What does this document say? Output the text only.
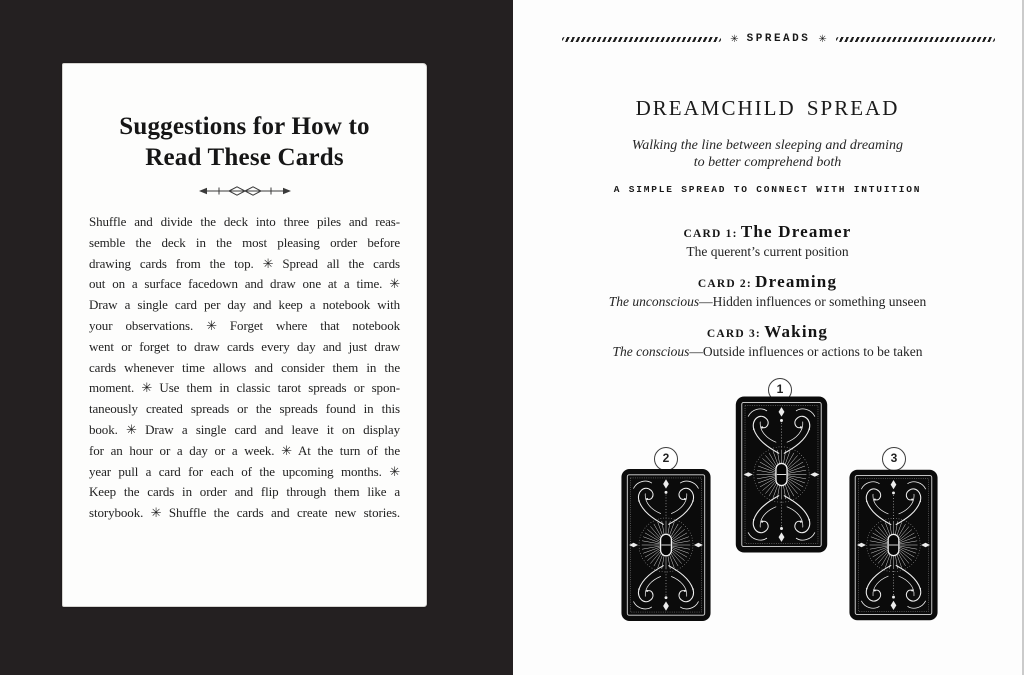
Suggestions for How to
Read These Cards
Shuffle and divide the deck into three piles and reas-
semble the deck in the most pleasing order before
drawing cards from the top. ✳ Spread all the cards
out on a surface facedown and draw one at a time. ✳
Draw a single card per day and keep a notebook with
your observations. ✳ Forget where that notebook
went or forget to draw cards every day and just draw
cards whenever time allows and consider them in the
moment. ✳ Use them in classic tarot spreads or spon-
taneously created spreads or the spreads found in this
book. ✳ Draw a single card and leave it on display
for an hour or a day or a week. ✳ At the turn of the
year pull a card for each of the upcoming months. ✳
Keep the cards in order and flip through them like a
storybook. ✳ Shuffle the cards and create new stories.
✳ SPREADS ✳
DREAMCHILD SPREAD
Walking the line between sleeping and dreaming
to better comprehend both
A SIMPLE SPREAD TO CONNECT WITH INTUITION
CARD 1: The Dreamer
The querent’s current position
CARD 2: Dreaming
The unconscious—Hidden influences or something unseen
CARD 3: Waking
The conscious—Outside influences or actions to be taken
1
2	3
